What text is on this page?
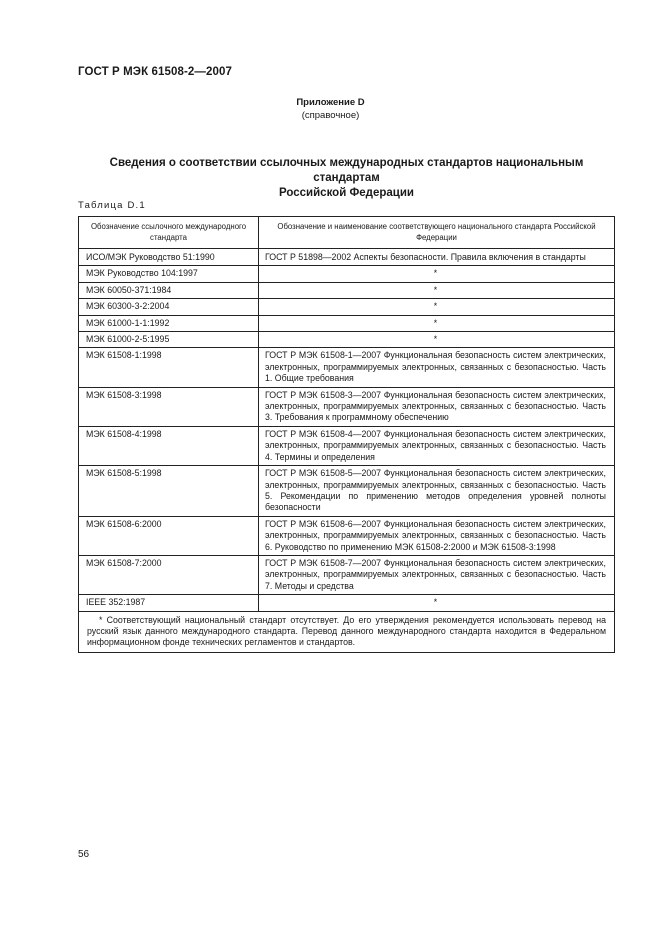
ГОСТ Р МЭК 61508-2—2007
Приложение D
(справочное)
Сведения о соответствии ссылочных международных стандартов национальным стандартам
Российской Федерации
Таблица D.1
Обозначение ссылочного международного стандарта	Обозначение и наименование соответствующего национального стандарта Российской Федерации
ИСО/МЭК Руководство 51:1990	ГОСТ Р 51898—2002 Аспекты безопасности. Правила включения в стандарты
МЭК Руководство 104:1997	*
МЭК 60050-371:1984	*
МЭК 60300-3-2:2004	*
МЭК 61000-1-1:1992	*
МЭК 61000-2-5:1995	*
МЭК 61508-1:1998	ГОСТ Р МЭК 61508-1—2007 Функциональная безопасность систем электрических, электронных, программируемых электронных, связанных с безопасностью. Часть 1. Общие требования
МЭК 61508-3:1998	ГОСТ Р МЭК 61508-3—2007 Функциональная безопасность систем электрических, электронных, программируемых электронных, связанных с безопасностью. Часть 3. Требования к программному обеспечению
МЭК 61508-4:1998	ГОСТ Р МЭК 61508-4—2007 Функциональная безопасность систем электрических, электронных, программируемых электронных, связанных с безопасностью. Часть 4. Термины и определения
МЭК 61508-5:1998	ГОСТ Р МЭК 61508-5—2007 Функциональная безопасность систем электрических, электронных, программируемых электронных, связанных с безопасностью. Часть 5. Рекомендации по применению методов определения уровней полноты безопасности
МЭК 61508-6:2000	ГОСТ Р МЭК 61508-6—2007 Функциональная безопасность систем электрических, электронных, программируемых электронных, связанных с безопасностью. Часть 6. Руководство по применению МЭК 61508-2:2000 и МЭК 61508-3:1998
МЭК 61508-7:2000	ГОСТ Р МЭК 61508-7—2007 Функциональная безопасность систем электрических, электронных, программируемых электронных, связанных с безопасностью. Часть 7. Методы и средства
IEEE 352:1987	*
* Соответствующий национальный стандарт отсутствует. До его утверждения рекомендуется использовать перевод на русский язык данного международного стандарта. Перевод данного международного стандарта находится в Федеральном информационном фонде технических регламентов и стандартов.	
56
